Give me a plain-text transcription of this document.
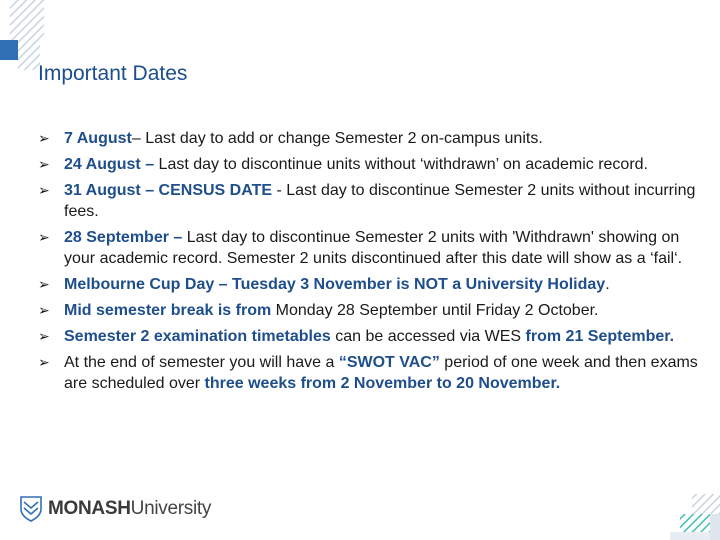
Important Dates
➢ 7 August– Last day to add or change Semester 2 on-campus units.
➢ 24 August – Last day to discontinue units without ‘withdrawn’ on academic record.
➢ 31 August – CENSUS DATE - Last day to discontinue Semester 2 units without incurring fees.
➢ 28 September – Last day to discontinue Semester 2 units with 'Withdrawn' showing on your academic record. Semester 2 units discontinued after this date will show as a ‘fail‘.
➢ Melbourne Cup Day – Tuesday 3 November is NOT a University Holiday.
➢ Mid semester break is from Monday 28 September until Friday 2 October.
➢ Semester 2 examination timetables can be accessed via WES from 21 September.
➢ At the end of semester you will have a “SWOT VAC” period of one week and then exams are scheduled over three weeks from 2 November to 20 November.
MONASHUniversity
